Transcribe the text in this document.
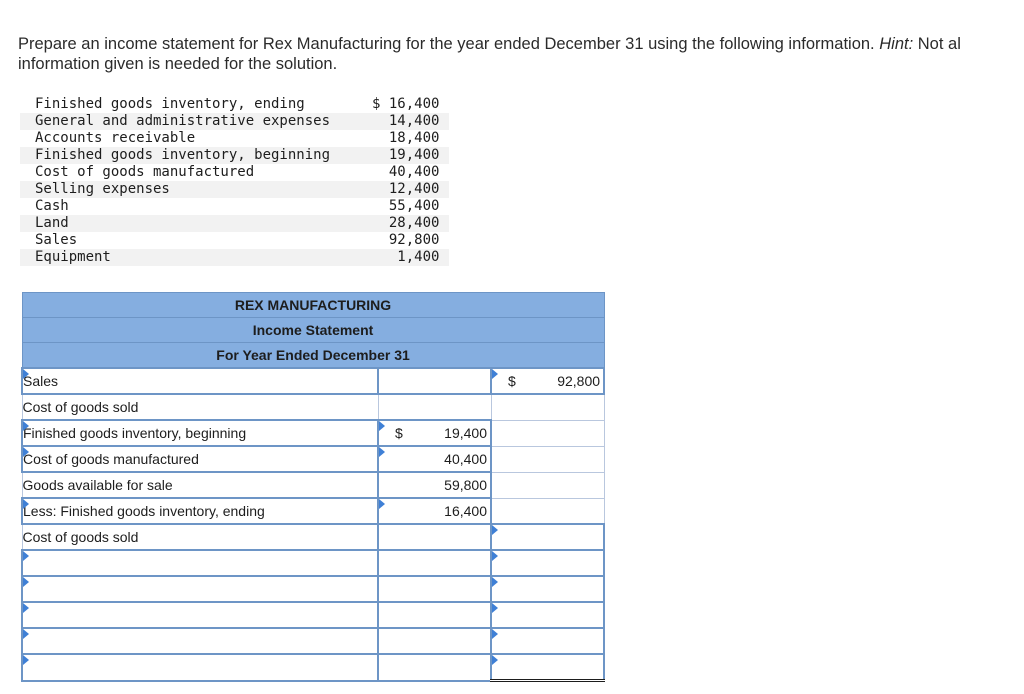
Prepare an income statement for Rex Manufacturing for the year ended December 31 using the following information. Hint: Not al
information given is needed for the solution.
Finished goods inventory, ending	$ 16,400
General and administrative expenses	14,400
Accounts receivable	18,400
Finished goods inventory, beginning	19,400
Cost of goods manufactured	40,400
Selling expenses	12,400
Cash	55,400
Land	28,400
Sales	92,800
Equipment	1,400
REX MANUFACTURING		
Income Statement		
For Year Ended December 31		
Sales		$ 92,800

Cost of goods sold	

Finished goods inventory, beginning	$ 19,400	

Cost of goods manufactured	40,400	

Goods available for sale	59,800	

Less: Finished goods inventory, ending	16,400	

Cost of goods sold	
